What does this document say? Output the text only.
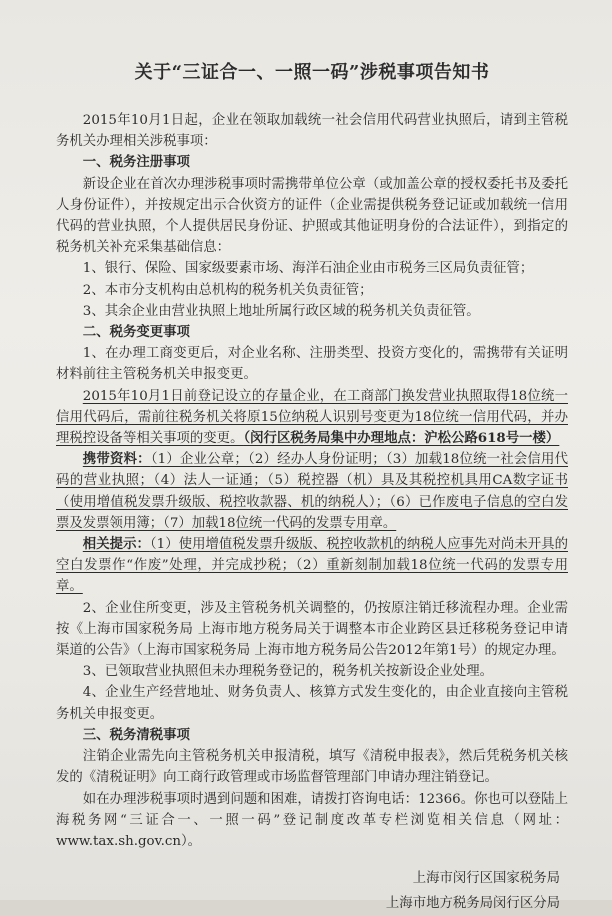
关于“三证合一、一照一码”涉税事项告知书

2015年10月1日起，企业在领取加载统一社会信用代码营业执照后，请到主管税务机关办理相关涉税事项：

一、税务注册事项

新设企业在首次办理涉税事项时需携带单位公章（或加盖公章的授权委托书及委托人身份证件），并按规定出示合伙资方的证件（企业需提供税务登记证或加载统一信用代码的营业执照，个人提供居民身份证、护照或其他证明身份的合法证件），到指定的税务机关补充采集基础信息：

1、银行、保险、国家级要素市场、海洋石油企业由市税务三区局负责征管；

2、本市分支机构由总机构的税务机关负责征管；

3、其余企业由营业执照上地址所属行政区域的税务机关负责征管。

二、税务变更事项

1、在办理工商变更后，对企业名称、注册类型、投资方变化的，需携带有关证明材料前往主管税务机关申报变更。

2015年10月1日前登记设立的存量企业，在工商部门换发营业执照取得18位统一信用代码后，需前往税务机关将原15位纳税人识别号变更为18位统一信用代码，并办理税控设备等相关事项的变更。（闵行区税务局集中办理地点：沪松公路618号一楼）

携带资料：（1）企业公章；（2）经办人身份证明；（3）加载18位统一社会信用代码的营业执照；（4）法人一证通；（5）税控器（机）具及其税控机具用CA数字证书（使用增值税发票升级版、税控收款器、机的纳税人）；（6）已作废电子信息的空白发票及发票领用簿；（7）加载18位统一代码的发票专用章。

相关提示：（1）使用增值税发票升级版、税控收款机的纳税人应事先对尚未开具的空白发票作“作废”处理，并完成抄税；（2）重新刻制加载18位统一代码的发票专用章。

2、企业住所变更，涉及主管税务机关调整的，仍按原注销迁移流程办理。企业需按《上海市国家税务局 上海市地方税务局关于调整本市企业跨区县迁移税务登记申请渠道的公告》（上海市国家税务局 上海市地方税务局公告2012年第1号）的规定办理。

3、已领取营业执照但未办理税务登记的，税务机关按新设企业处理。

4、企业生产经营地址、财务负责人、核算方式发生变化的，由企业直接向主管税务机关申报变更。

三、税务清税事项

注销企业需先向主管税务机关申报清税，填写《清税申报表》，然后凭税务机关核发的《清税证明》向工商行政管理或市场监督管理部门申请办理注销登记。

如在办理涉税事项时遇到问题和困难，请拨打咨询电话：12366。你也可以登陆上海税务网“三证合一、一照一码”登记制度改革专栏浏览相关信息（网址：www.tax.sh.gov.cn）。

上海市闵行区国家税务局
上海市地方税务局闵行区分局
